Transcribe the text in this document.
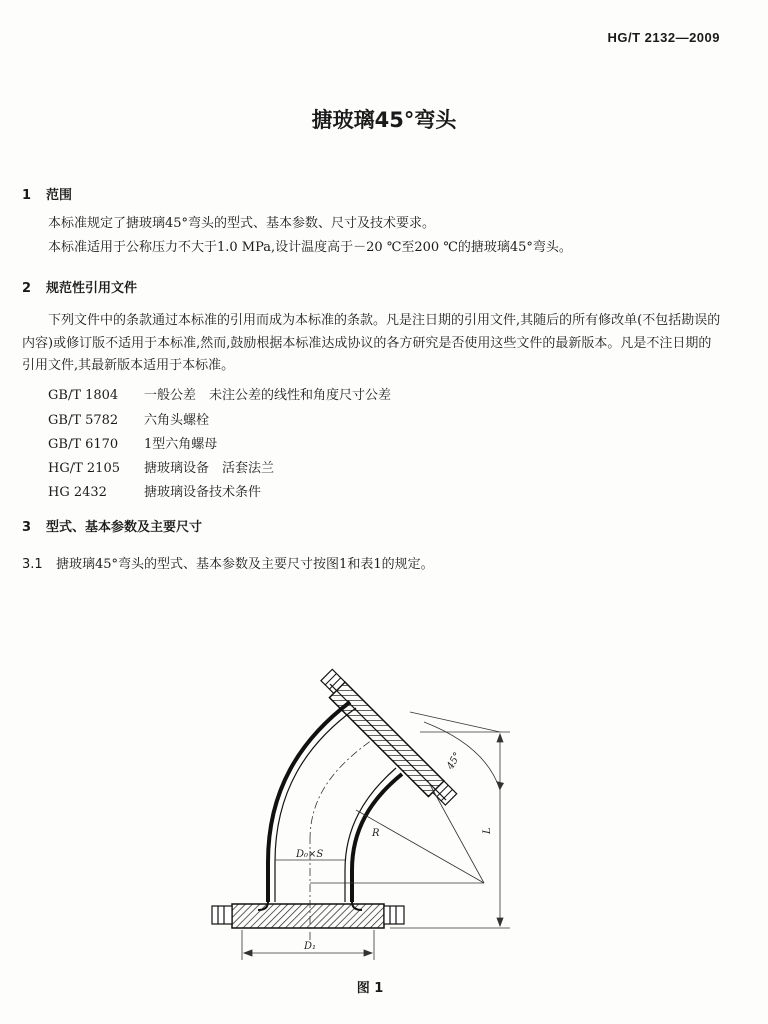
HG/T 2132—2009
搪玻璃45°弯头
1 范围
本标准规定了搪玻璃45°弯头的型式、基本参数、尺寸及技术要求。
本标准适用于公称压力不大于1.0 MPa,设计温度高于－20 ℃至200 ℃的搪玻璃45°弯头。
2 规范性引用文件
下列文件中的条款通过本标准的引用而成为本标准的条款。凡是注日期的引用文件,其随后的所有修改单(不包括勘误的内容)或修订版不适用于本标准,然而,鼓励根据本标准达成协议的各方研究是否使用这些文件的最新版本。凡是不注日期的引用文件,其最新版本适用于本标准。
GB/T 1804 一般公差　未注公差的线性和角度尺寸公差
GB/T 5782 六角头螺栓
GB/T 6170 1型六角螺母
HG/T 2105 搪玻璃设备　活套法兰
HG 2432	搪玻璃设备技术条件
3 型式、基本参数及主要尺寸
3.1 搪玻璃45°弯头的型式、基本参数及主要尺寸按图1和表1的规定。
45°
R
D₀×S
L
D₁
图 1
